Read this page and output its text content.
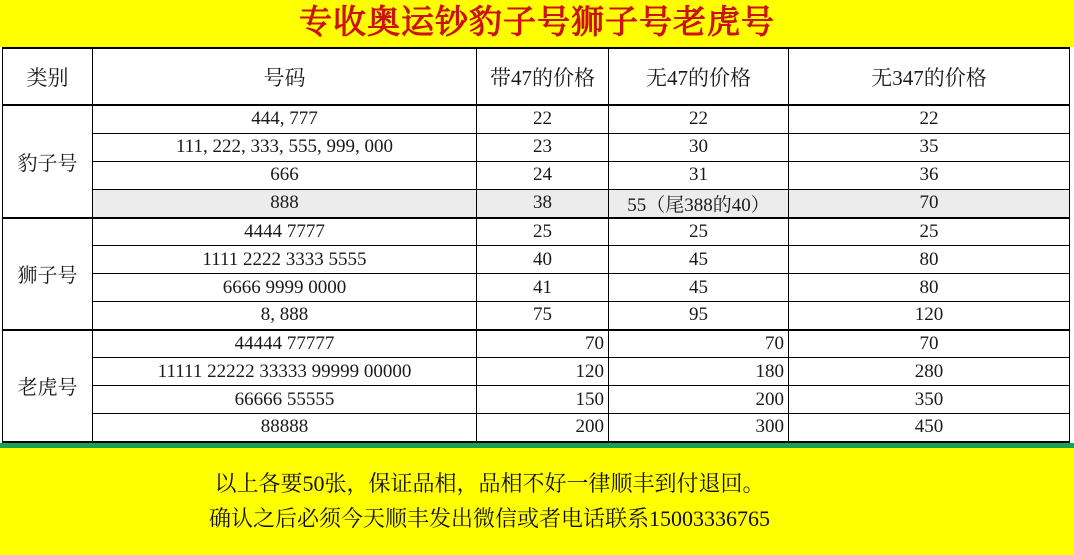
专收奥运钞豹子号狮子号老虎号
类别	号码	带47的价格	无47的价格	无347的价格
豹子号	444, 777	22	22	22
	111, 222, 333, 555, 999, 000	23	30	35
	666	24	31	36
	888	38	55（尾388的40）	70
狮子号	4444 7777	25	25	25
	1111 2222 3333 5555	40	45	80
	6666 9999 0000	41	45	80
	8, 888	75	95	120
老虎号	44444 77777	70	70	70
	11111 22222 33333 99999 00000	120	180	280
	66666 55555	150	200	350
	88888	200	300	450
以上各要50张，保证品相，品相不好一律顺丰到付退回。
确认之后必须今天顺丰发出微信或者电话联系15003336765
